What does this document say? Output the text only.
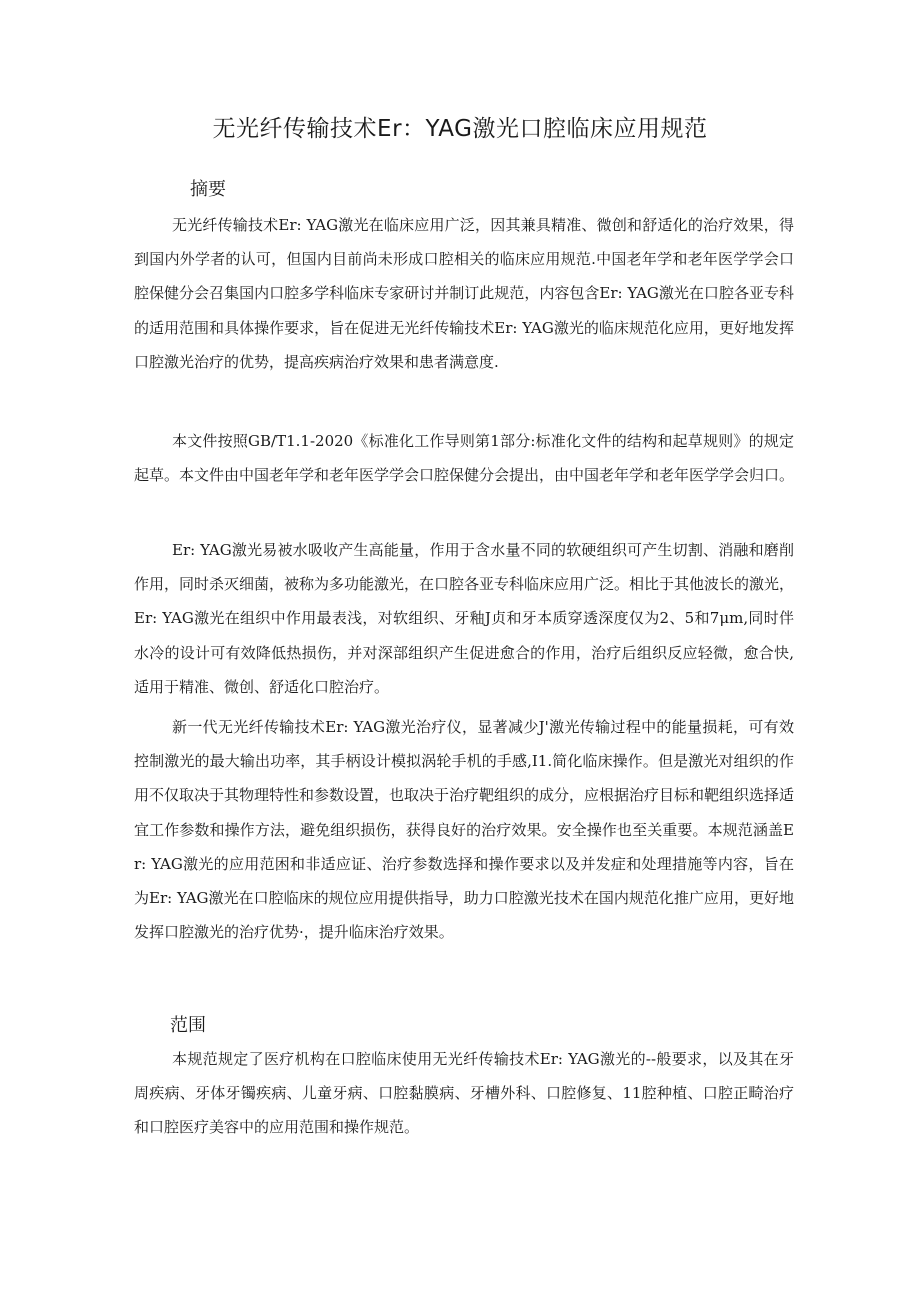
无光纤传输技术Er：YAG激光口腔临床应用规范
摘要

无光纤传输技术Er: YAG激光在临床应用广泛，因其兼具精准、微创和舒适化的治疗效果，得到国内外学者的认可，但国内目前尚未形成口腔相关的临床应用规范.中国老年学和老年医学学会口腔保健分会召集国内口腔多学科临床专家研讨并制订此规范，内容包含Er: YAG激光在口腔各亚专科的适用范围和具体操作要求，旨在促进无光纤传输技术Er: YAG激光的临床规范化应用，更好地发挥口腔激光治疗的优势，提高疾病治疗效果和患者满意度.

本文件按照GB/T1.1-2020《标准化工作导则第1部分:标准化文件的结构和起草规则》的规定起草。本文件由中国老年学和老年医学学会口腔保健分会提出，由中国老年学和老年医学学会归口。

Er: YAG激光易被水吸收产生高能量，作用于含水量不同的软硬组织可产生切割、消融和磨削作用，同时杀灭细菌，被称为多功能激光，在口腔各亚专科临床应用广泛。相比于其他波长的激光，Er: YAG激光在组织中作用最表浅，对软组织、牙釉J贞和牙本质穿透深度仅为2、5和7μm,同时伴水冷的设计可有效降低热损伤，并对深部组织产生促进愈合的作用，治疗后组织反应轻微，愈合快,适用于精准、微创、舒适化口腔治疗。

新一代无光纤传输技术Er: YAG激光治疗仪，显著减少J'激光传输过程中的能量损耗，可有效控制激光的最大输出功率，其手柄设计模拟涡轮手机的手感,I1.简化临床操作。但是激光对组织的作用不仅取决于其物理特性和参数设置，也取决于治疗靶组织的成分，应根据治疗目标和靶组织选择适宜工作参数和操作方法，避免组织损伤，获得良好的治疗效果。安全操作也至关重要。本规范涵盖Er: YAG激光的应用范困和非适应证、治疗参数选择和操作要求以及并发症和处理措施等内容，旨在为Er: YAG激光在口腔临床的规位应用提供指导，助力口腔激光技术在国内规范化推广应用，更好地发挥口腔激光的治疗优势·，提升临床治疗效果。

范围

本规范规定了医疗机构在口腔临床使用无光纤传输技术Er: YAG激光的--般要求，以及其在牙周疾病、牙体牙镯疾病、儿童牙病、口腔黏膜病、牙槽外科、口腔修复、11腔种植、口腔正畸治疗和口腔医疗美容中的应用范围和操作规范。
